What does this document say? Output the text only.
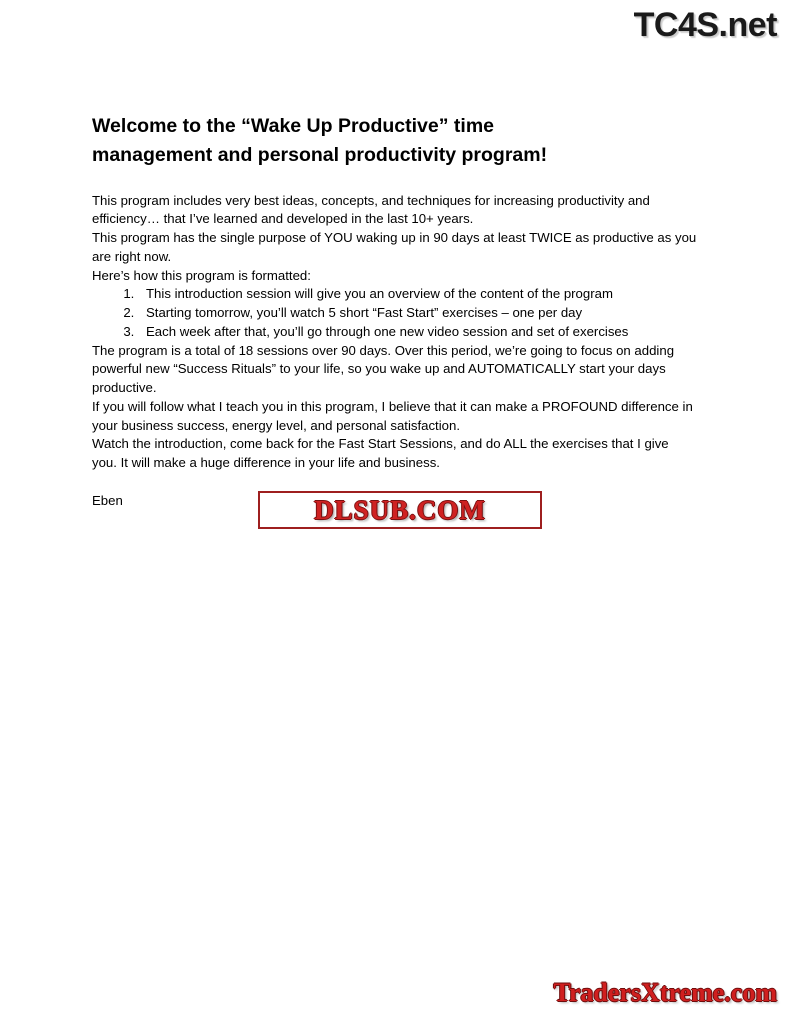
TC4S.net
Welcome to the “Wake Up Productive” time management and personal productivity program!

This program includes very best ideas, concepts, and techniques for increasing productivity and efficiency… that I’ve learned and developed in the last 10+ years.

This program has the single purpose of YOU waking up in 90 days at least TWICE as productive as you are right now.

Here’s how this program is formatted:

1. This introduction session will give you an overview of the content of the program
2. Starting tomorrow, you’ll watch 5 short “Fast Start” exercises – one per day
3. Each week after that, you’ll go through one new video session and set of exercises

The program is a total of 18 sessions over 90 days. Over this period, we’re going to focus on adding powerful new “Success Rituals” to your life, so you wake up and AUTOMATICALLY start your days productive.

If you will follow what I teach you in this program, I believe that it can make a PROFOUND difference in your business success, energy level, and personal satisfaction.

Watch the introduction, come back for the Fast Start Sessions, and do ALL the exercises that I give you. It will make a huge difference in your life and business.

Eben	DLSUB.COM
TradersXtreme.com
